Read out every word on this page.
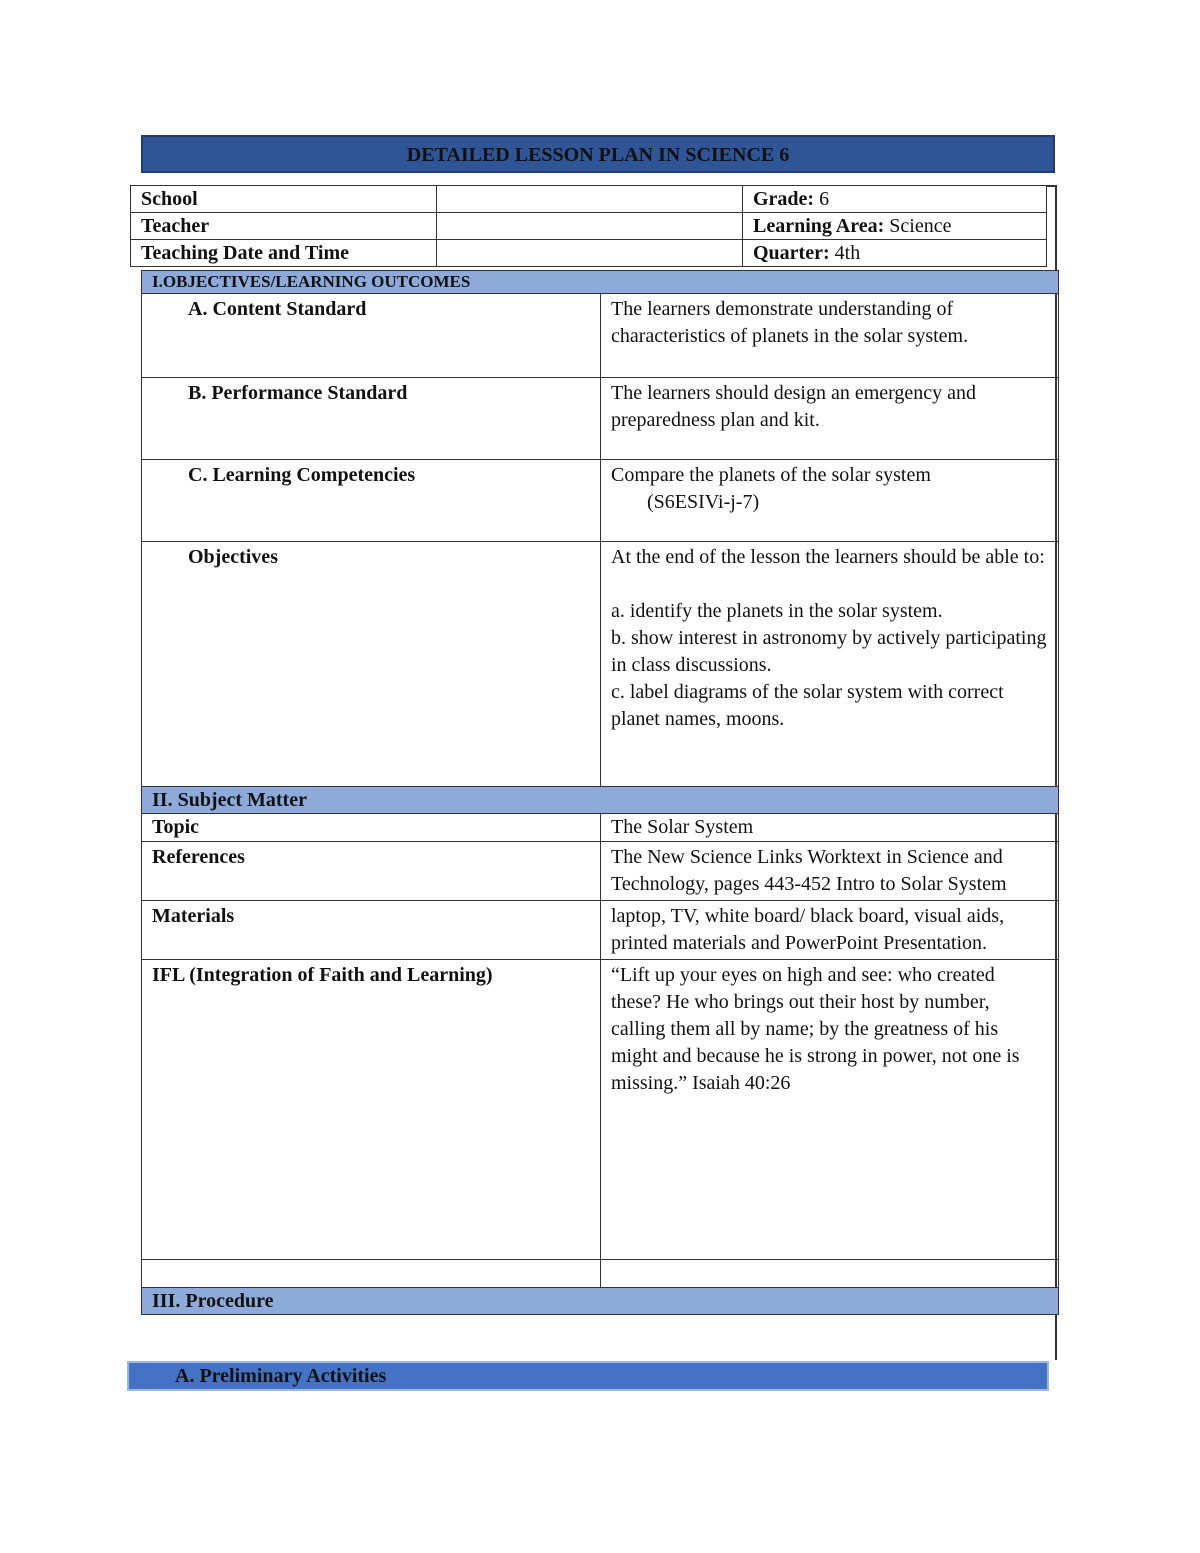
DETAILED LESSON PLAN IN SCIENCE 6
School		Grade: 6
Teacher		Learning Area: Science
Teaching Date and Time		Quarter: 4th
I.OBJECTIVES/LEARNING OUTCOMES	
A. Content Standard	The learners demonstrate understanding of characteristics of planets in the solar system.
B. Performance Standard	The learners should design an emergency and preparedness plan and kit.
C. Learning Competencies	Compare the planets of the solar system

(S6ESIVi-j-7)

Objectives	At the end of the lesson the learners should be able to:

a. identify the planets in the solar system.

b. show interest in astronomy by actively participating in class discussions.

c. label diagrams of the solar system with correct planet names, moons.

II. Subject Matter	
Topic	The Solar System
References	The New Science Links Worktext in Science and Technology, pages 443-452 Intro to Solar System
Materials	laptop, TV, white board/ black board, visual aids, printed materials and PowerPoint Presentation.
IFL (Integration of Faith and Learning)	“Lift up your eyes on high and see: who created these? He who brings out their host by number, calling them all by name; by the greatness of his might and because he is strong in power, not one is missing.” Isaiah 40:26

III. Procedure	
A. Preliminary Activities
